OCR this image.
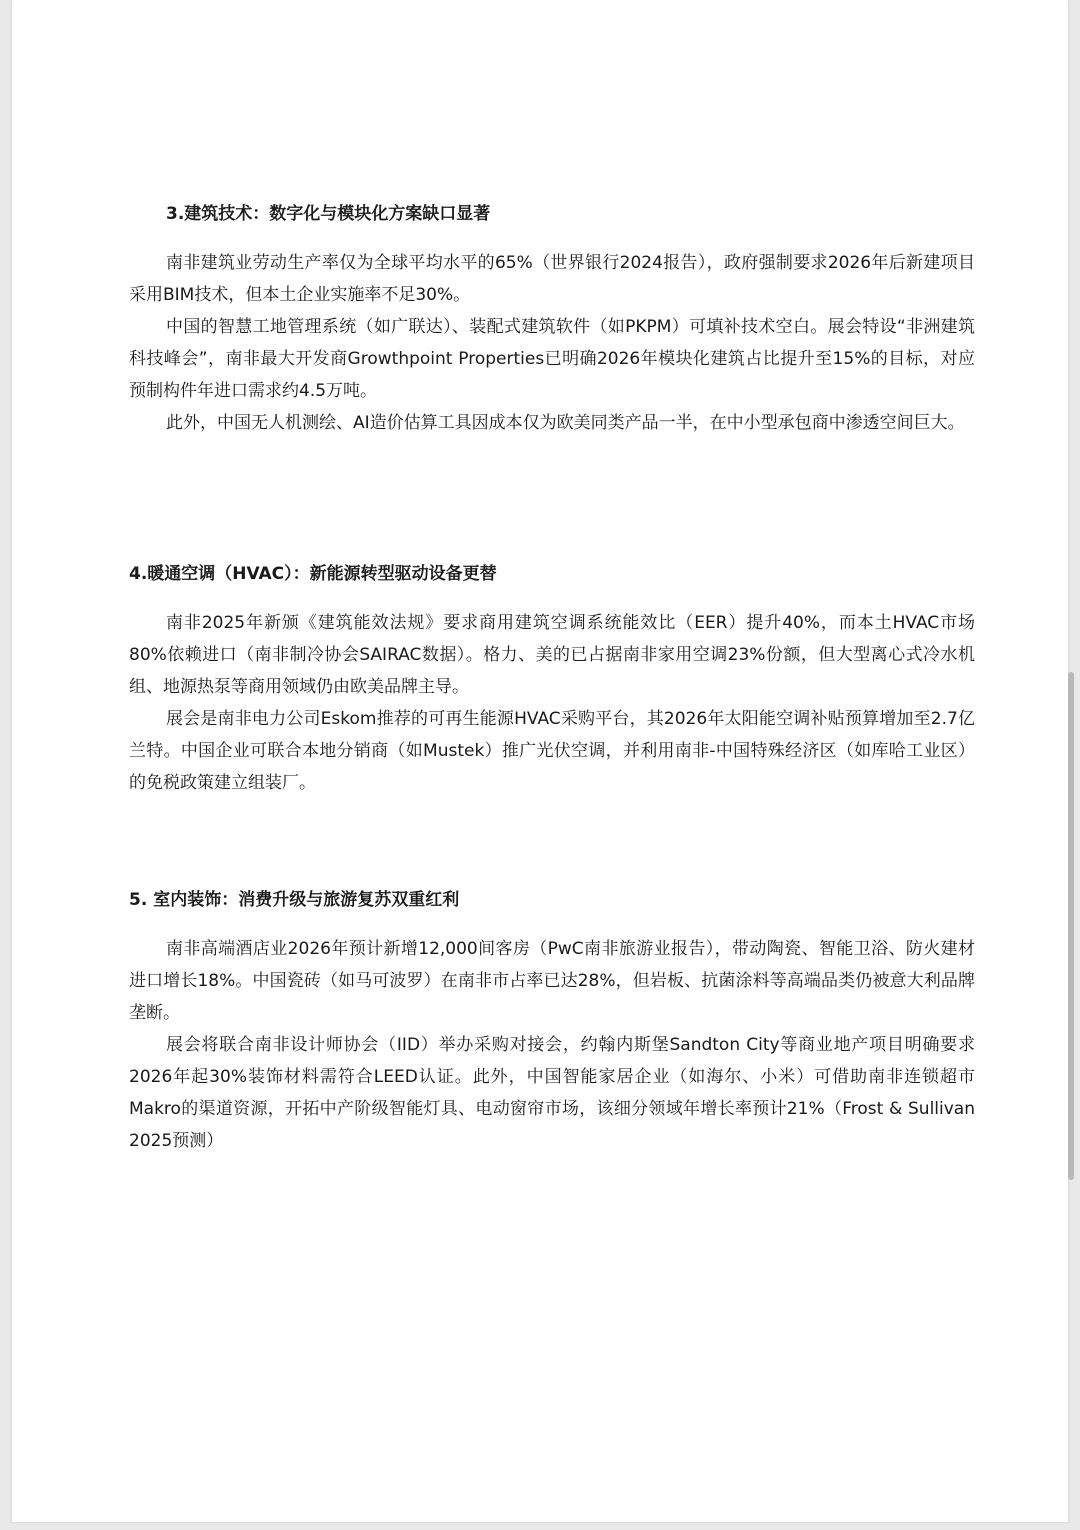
3.建筑技术：数字化与模块化方案缺口显著

南非建筑业劳动生产率仅为全球平均水平的65%（世界银行2024报告），政府强制要求2026年后新建项目采用BIM技术，但本土企业实施率不足30%。

中国的智慧工地管理系统（如广联达）、装配式建筑软件（如PKPM）可填补技术空白。展会特设“非洲建筑科技峰会”，南非最大开发商Growthpoint Properties已明确2026年模块化建筑占比提升至15%的目标，对应预制构件年进口需求约4.5万吨。

此外，中国无人机测绘、AI造价估算工具因成本仅为欧美同类产品一半，在中小型承包商中渗透空间巨大。

4.暖通空调（HVAC）：新能源转型驱动设备更替

南非2025年新颁《建筑能效法规》要求商用建筑空调系统能效比（EER）提升40%，而本土HVAC市场80%依赖进口（南非制冷协会SAIRAC数据）。格力、美的已占据南非家用空调23%份额，但大型离心式冷水机组、地源热泵等商用领域仍由欧美品牌主导。

展会是南非电力公司Eskom推荐的可再生能源HVAC采购平台，其2026年太阳能空调补贴预算增加至2.7亿兰特。中国企业可联合本地分销商（如Mustek）推广光伏空调，并利用南非-中国特殊经济区（如库哈工业区）的免税政策建立组装厂。

5. 室内装饰：消费升级与旅游复苏双重红利

南非高端酒店业2026年预计新增12,000间客房（PwC南非旅游业报告），带动陶瓷、智能卫浴、防火建材进口增长18%。中国瓷砖（如马可波罗）在南非市占率已达28%，但岩板、抗菌涂料等高端品类仍被意大利品牌垄断。

展会将联合南非设计师协会（IID）举办采购对接会，约翰内斯堡Sandton City等商业地产项目明确要求2026年起30%装饰材料需符合LEED认证。此外，中国智能家居企业（如海尔、小米）可借助南非连锁超市Makro的渠道资源，开拓中产阶级智能灯具、电动窗帘市场，该细分领域年增长率预计21%（Frost & Sullivan 2025预测）
